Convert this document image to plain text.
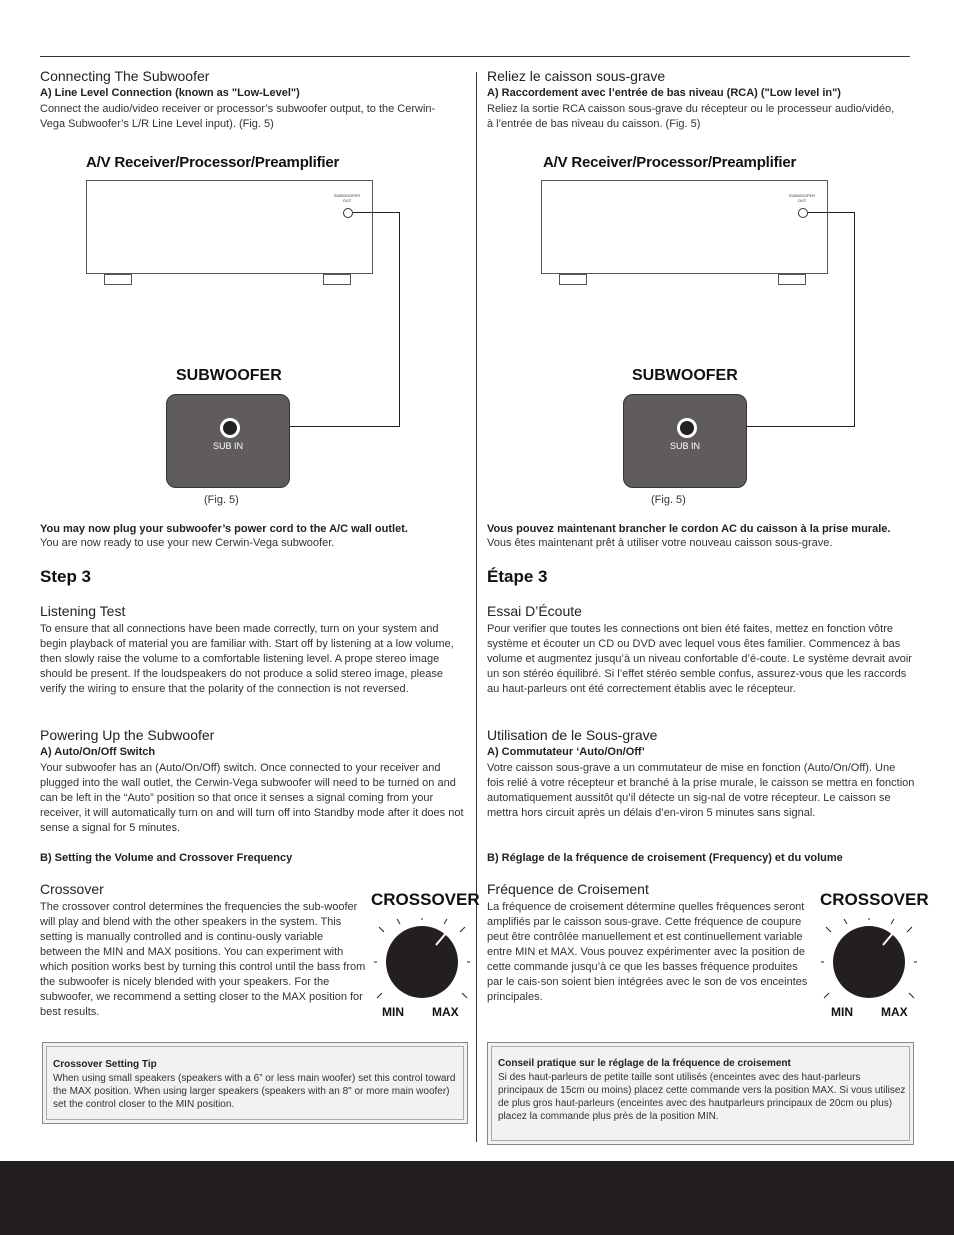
Connecting The Subwoofer
A) Line Level Connection (known as "Low-Level")
Connect the audio/video receiver or processor’s subwoofer output, to the Cerwin-Vega Subwoofer’s L/R Line Level input). (Fig. 5)
A/V Receiver/Processor/Preamplifier
SUBWOOFER OUT
SUBWOOFER
SUB IN
(Fig. 5)
You may now plug your subwoofer’s power cord to the A/C wall outlet.
You are now ready to use your new Cerwin-Vega subwoofer.
Step 3
Listening Test
To ensure that all connections have been made correctly, turn on your system and begin playback of material you are familiar with. Start off by listening at a low volume, then slowly raise the volume to a comfortable listening level. A prope stereo image should be present. If the loudspeakers do not produce a solid stereo image, please verify the wiring to ensure that the polarity of the connection is not reversed.
Powering Up the Subwoofer
A) Auto/On/Off Switch
Your subwoofer has an (Auto/On/Off) switch. Once connected to your receiver and plugged into the wall outlet, the Cerwin-Vega subwoofer will need to be turned on and can be left in the “Auto” position so that once it senses a signal coming from your receiver, it will automatically turn on and will turn off into Standby mode after it does not sense a signal for 5 minutes.
B) Setting the Volume and Crossover Frequency
Crossover
The crossover control determines the frequencies the sub-woofer will play and blend with the other speakers in the system. This setting is manually controlled and is continu-ously variable between the MIN and MAX positions. You can experiment with which position works best by turning this control until the bass from the subwoofer is nicely blended with your speakers. For the subwoofer, we recommend a setting closer to the MAX position for best results.
CROSSOVER
MIN MAX
Crossover Setting Tip
When using small speakers (speakers with a 6” or less main woofer) set this control toward the MAX position. When using larger speakers (speakers with an 8" or more main woofer) set the control closer to the MIN position.
Reliez le caisson sous-grave
A) Raccordement avec l’entrée de bas niveau (RCA) ("Low level in")
Reliez la sortie RCA caisson sous-grave du récepteur ou le processeur audio/vidéo, à l’entrée de bas niveau du caisson. (Fig. 5)
A/V Receiver/Processor/Preamplifier
SUBWOOFER OUT
SUBWOOFER
SUB IN
(Fig. 5)
Vous pouvez maintenant brancher le cordon AC du caisson à la prise murale.
Vous êtes maintenant prêt à utiliser votre nouveau caisson sous-grave.
Étape 3
Essai D’Écoute
Pour verifier que toutes les connections ont bien été faites, mettez en fonction vôtre système et écouter un CD ou DVD avec lequel vous êtes familier. Commencez à bas volume et augmentez jusqu’à un niveau confortable d’é-coute. Le système devrait avoir un son stéréo équilibré. Si l’effet stéréo semble confus, assurez-vous que les raccords au haut-parleurs ont été correctement établis avec le récepteur.
Utilisation de le Sous-grave
A) Commutateur ‘Auto/On/Off’
Votre caisson sous-grave a un commutateur de mise en fonction (Auto/On/Off). Une fois relié à votre récepteur et branché à la prise murale, le caisson se mettra en fonction automatiquement aussitôt qu’il détecte un sig-nal de votre récepteur. Le caisson se mettra hors circuit après un délais d’en-viron 5 minutes sans signal.
B) Réglage de la fréquence de croisement (Frequency) et du volume
Fréquence de Croisement
La fréquence de croisement détermine quelles fréquences seront amplifiés par le caisson sous-grave. Cette fréquence de coupure peut être contrôlée manuellement et est continuellement variable entre MIN et MAX. Vous pouvez expérimenter avec la position de cette commande jusqu’à ce que les basses fréquence produites par le cais-son soient bien intégrées avec le son de vos enceintes principales.
CROSSOVER
MIN MAX
Conseil pratique sur le réglage de la fréquence de croisement
Si des haut-parleurs de petite taille sont utilisés (enceintes avec des haut-parleurs principaux de 15cm ou moins) placez cette commande vers la position MAX. Si vous utilisez de plus gros haut-parleurs (enceintes avec des hautparleurs principaux de 20cm ou plus) placez la commande plus près de la position MIN.
